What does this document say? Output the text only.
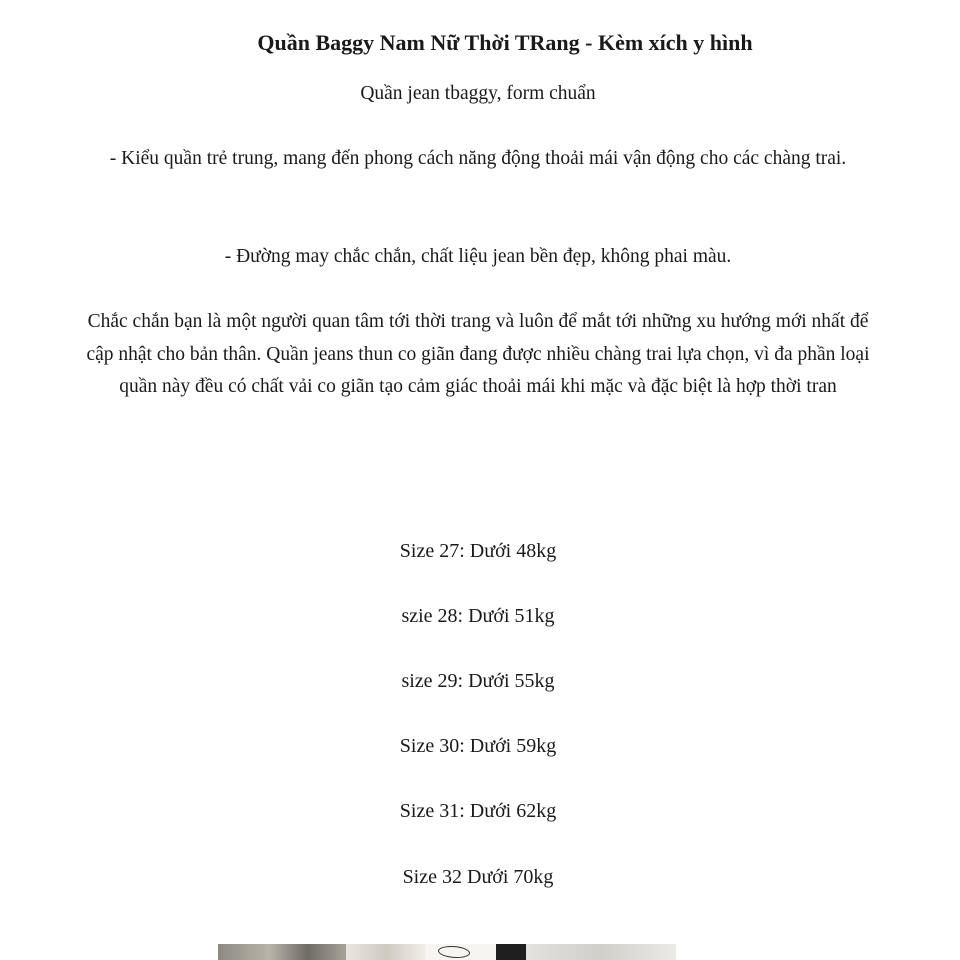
Quần Baggy Nam Nữ Thời TRang - Kèm xích y hình
Quần jean tbaggy, form chuẩn
- Kiểu quần trẻ trung, mang đến phong cách năng động thoải mái vận động cho các chàng trai.
- Đường may chắc chắn, chất liệu jean bền đẹp, không phai màu.
Chắc chắn bạn là một người quan tâm tới thời trang và luôn để mắt tới những xu hướng mới nhất để cập nhật cho bản thân. Quần jeans thun co giãn đang được nhiều chàng trai lựa chọn, vì đa phần loại quần này đều có chất vải co giãn tạo cảm giác thoải mái khi mặc và đặc biệt là hợp thời tran
Size 27: Dưới 48kg
szie 28: Dưới 51kg
size 29: Dưới 55kg
Size 30: Dưới 59kg
Size 31: Dưới 62kg
Size 32 Dưới 70kg
